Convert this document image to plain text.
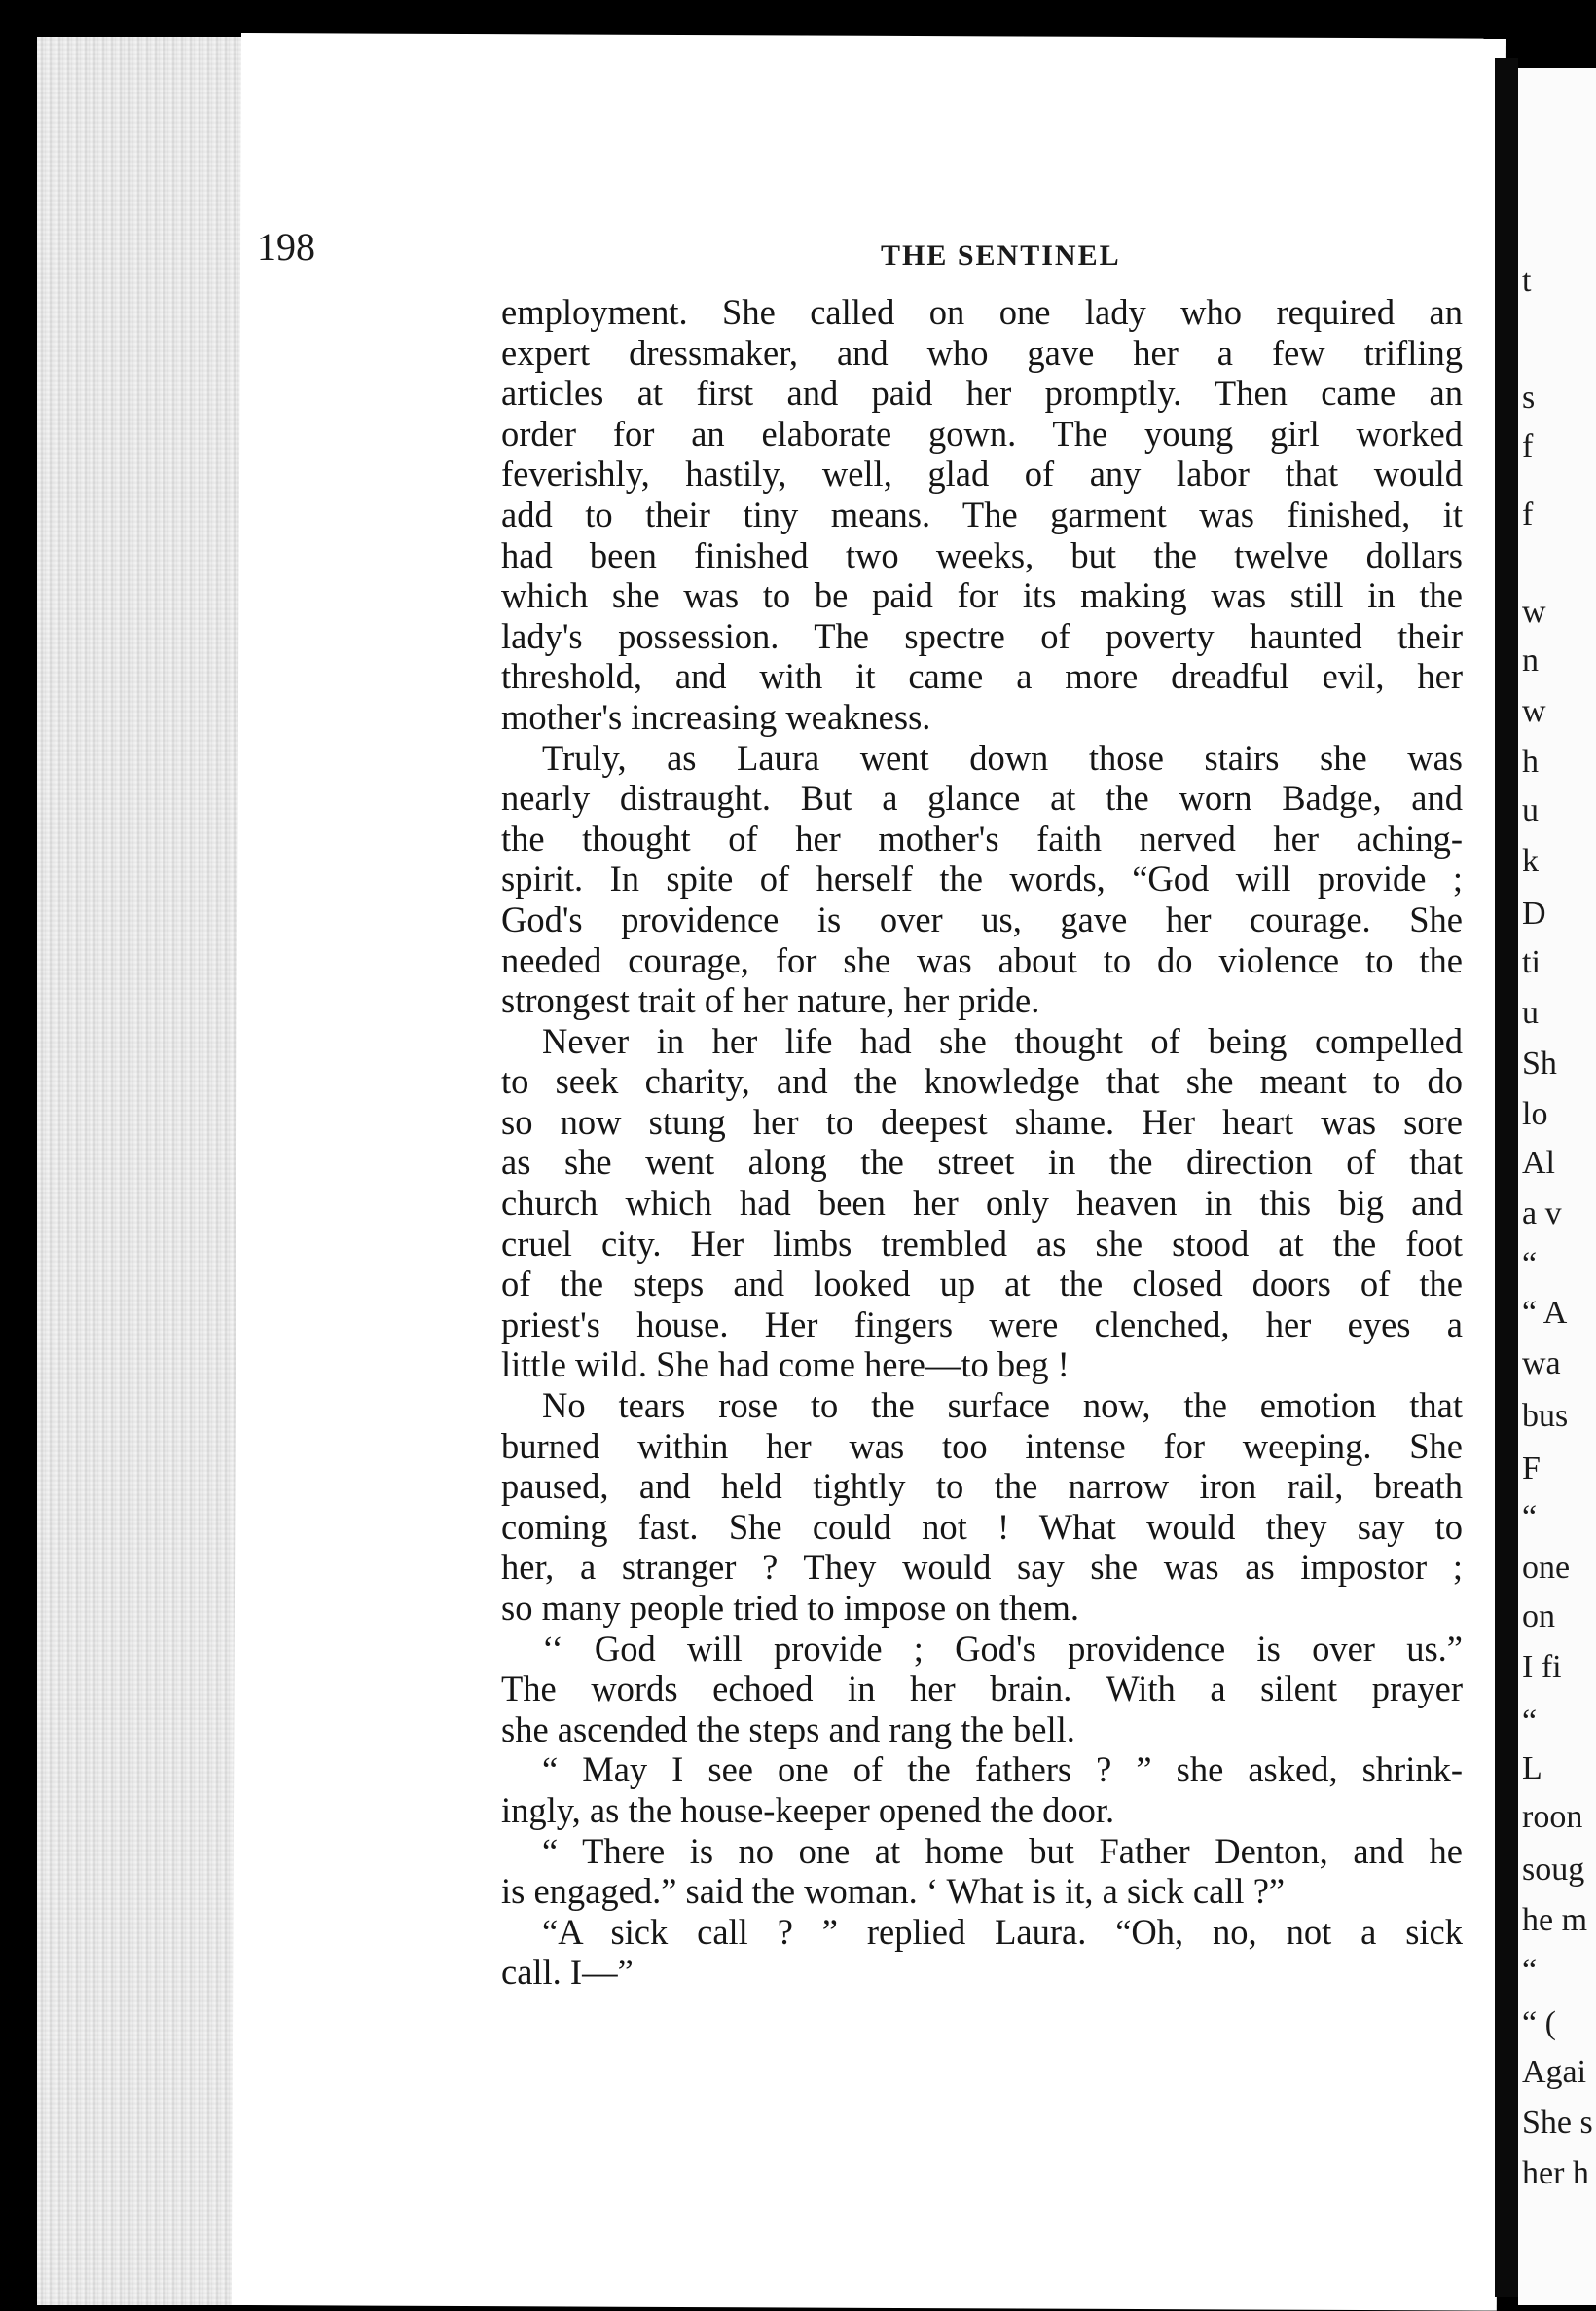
t
s
f
f
w
n
w
h
u
k
D
ti
u
Sh
lo
Al
a v
“
“ A
wa
bus
F
“
one
on
I fi
“
L
roon
soug
he m
“
“ (
Agai
She s
her h
198	THE SENTINEL

employment. She called on one lady who required an
expert dressmaker, and who gave her a few trifling
articles at first and paid her promptly. Then came an
order for an elaborate gown. The young girl worked
feverishly, hastily, well, glad of any labor that would
add to their tiny means. The garment was finished, it
had been finished two weeks, but the twelve dollars
which she was to be paid for its making was still in the
lady's possession. The spectre of poverty haunted their
threshold, and with it came a more dreadful evil, her
mother's increasing weakness.

Truly, as Laura went down those stairs she was
nearly distraught. But a glance at the worn Badge, and
the thought of her mother's faith nerved her aching-
spirit. In spite of herself the words, “God will provide ;
God's providence is over us, gave her courage. She
needed courage, for she was about to do violence to the
strongest trait of her nature, her pride.

Never in her life had she thought of being compelled
to seek charity, and the knowledge that she meant to do
so now stung her to deepest shame. Her heart was sore
as she went along the street in the direction of that
church which had been her only heaven in this big and
cruel city. Her limbs trembled as she stood at the foot
of the steps and looked up at the closed doors of the
priest's house. Her fingers were clenched, her eyes a
little wild. She had come here—to beg !

No tears rose to the surface now, the emotion that
burned within her was too intense for weeping. She
paused, and held tightly to the narrow iron rail, breath
coming fast. She could not ! What would they say to
her, a stranger ? They would say she was as impostor ;
so many people tried to impose on them.

‘‘ God will provide ; God's providence is over us.”
The words echoed in her brain. With a silent prayer
she ascended the steps and rang the bell.

“ May I see one of the fathers ? ” she asked, shrink-
ingly, as the house-keeper opened the door.

“ There is no one at home but Father Denton, and he
is engaged.” said the woman. ‘ What is it, a sick call ?”

“A sick call ? ” replied Laura. “Oh, no, not a sick
call. I—”
